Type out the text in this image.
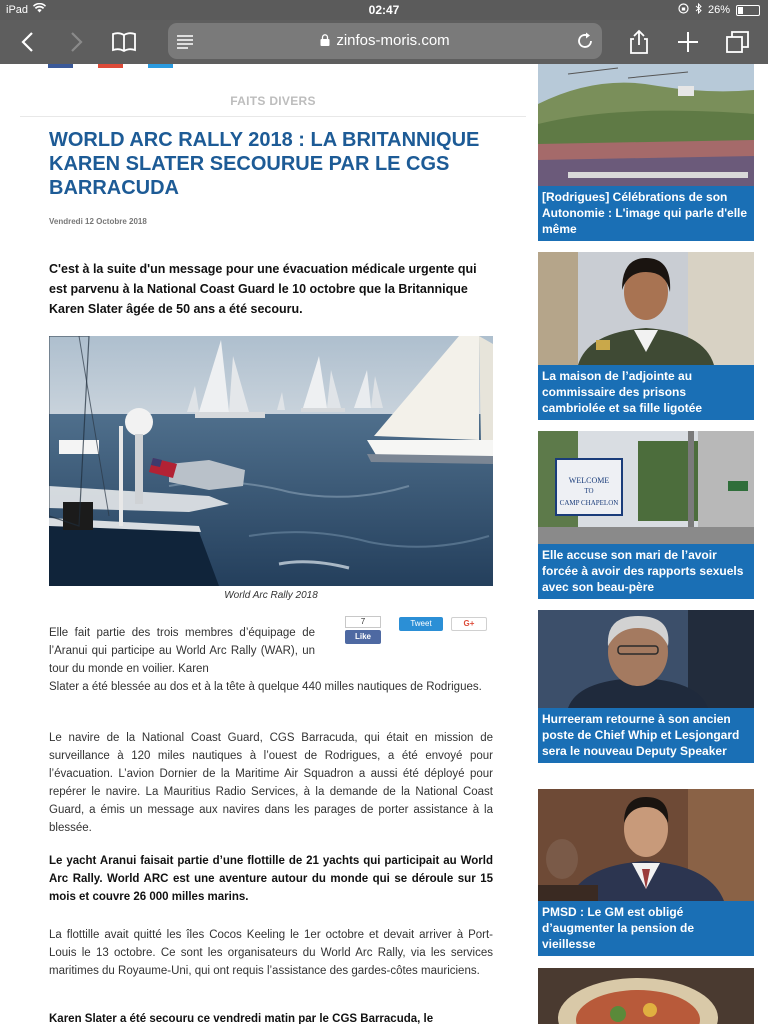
iPad	02:47	26%
zinfos-moris.com
FAITS DIVERS
WORLD ARC RALLY 2018 : LA BRITANNIQUE KAREN SLATER SECOURUE PAR LE CGS BARRACUDA
Vendredi 12 Octobre 2018

C'est à la suite d'un message pour une évacuation médicale urgente qui est parvenu à la National Coast Guard le 10 octobre que la Britannique Karen Slater âgée de 50 ans a été secouru.

World Arc Rally 2018
7
Like
Tweet	G+

Elle fait partie des trois membres d’équipage de l’Aranui qui participe au World Arc Rally (WAR), un tour du monde en voilier. Karen
Slater a été blessée au dos et à la tête à quelque 440 milles nautiques de Rodrigues.

Le navire de la National Coast Guard, CGS Barracuda, qui était en mission de surveillance à 120 miles nautiques à l’ouest de Rodrigues, a été envoyé pour l’évacuation. L’avion Dornier de la Maritime Air Squadron a aussi été déployé pour repérer le navire. La Mauritius Radio Services, à la demande de la National Coast Guard, a émis un message aux navires dans les parages de porter assistance à la blessée.

Le yacht Aranui faisait partie d’une flottille de 21 yachts qui participait au World Arc Rally. World ARC est une aventure autour du monde qui se déroule sur 15 mois et couvre 26 000 milles marins.

La flottille avait quitté les îles Cocos Keeling le 1er octobre et devait arriver à Port-Louis le 13 octobre. Ce sont les organisateurs du World Arc Rally, via les services maritimes du Royaume-Uni, qui ont requis l’assistance des gardes-côtes mauriciens.

Karen Slater a été secouru ce vendredi matin par le CGS Barracuda, le

[Rodrigues] Célébrations de son Autonomie : L'image qui parle d'elle même
La maison de l’adjointe au commissaire des prisons cambriolée et sa fille ligotée
WELCOME
TO
CAMP CHAPELON
Elle accuse son mari de l’avoir forcée à avoir des rapports sexuels avec son beau-père
Hurreeram retourne à son ancien poste de Chief Whip et Lesjongard sera le nouveau Deputy Speaker
PMSD : Le GM est obligé d’augmenter la pension de vieillesse
